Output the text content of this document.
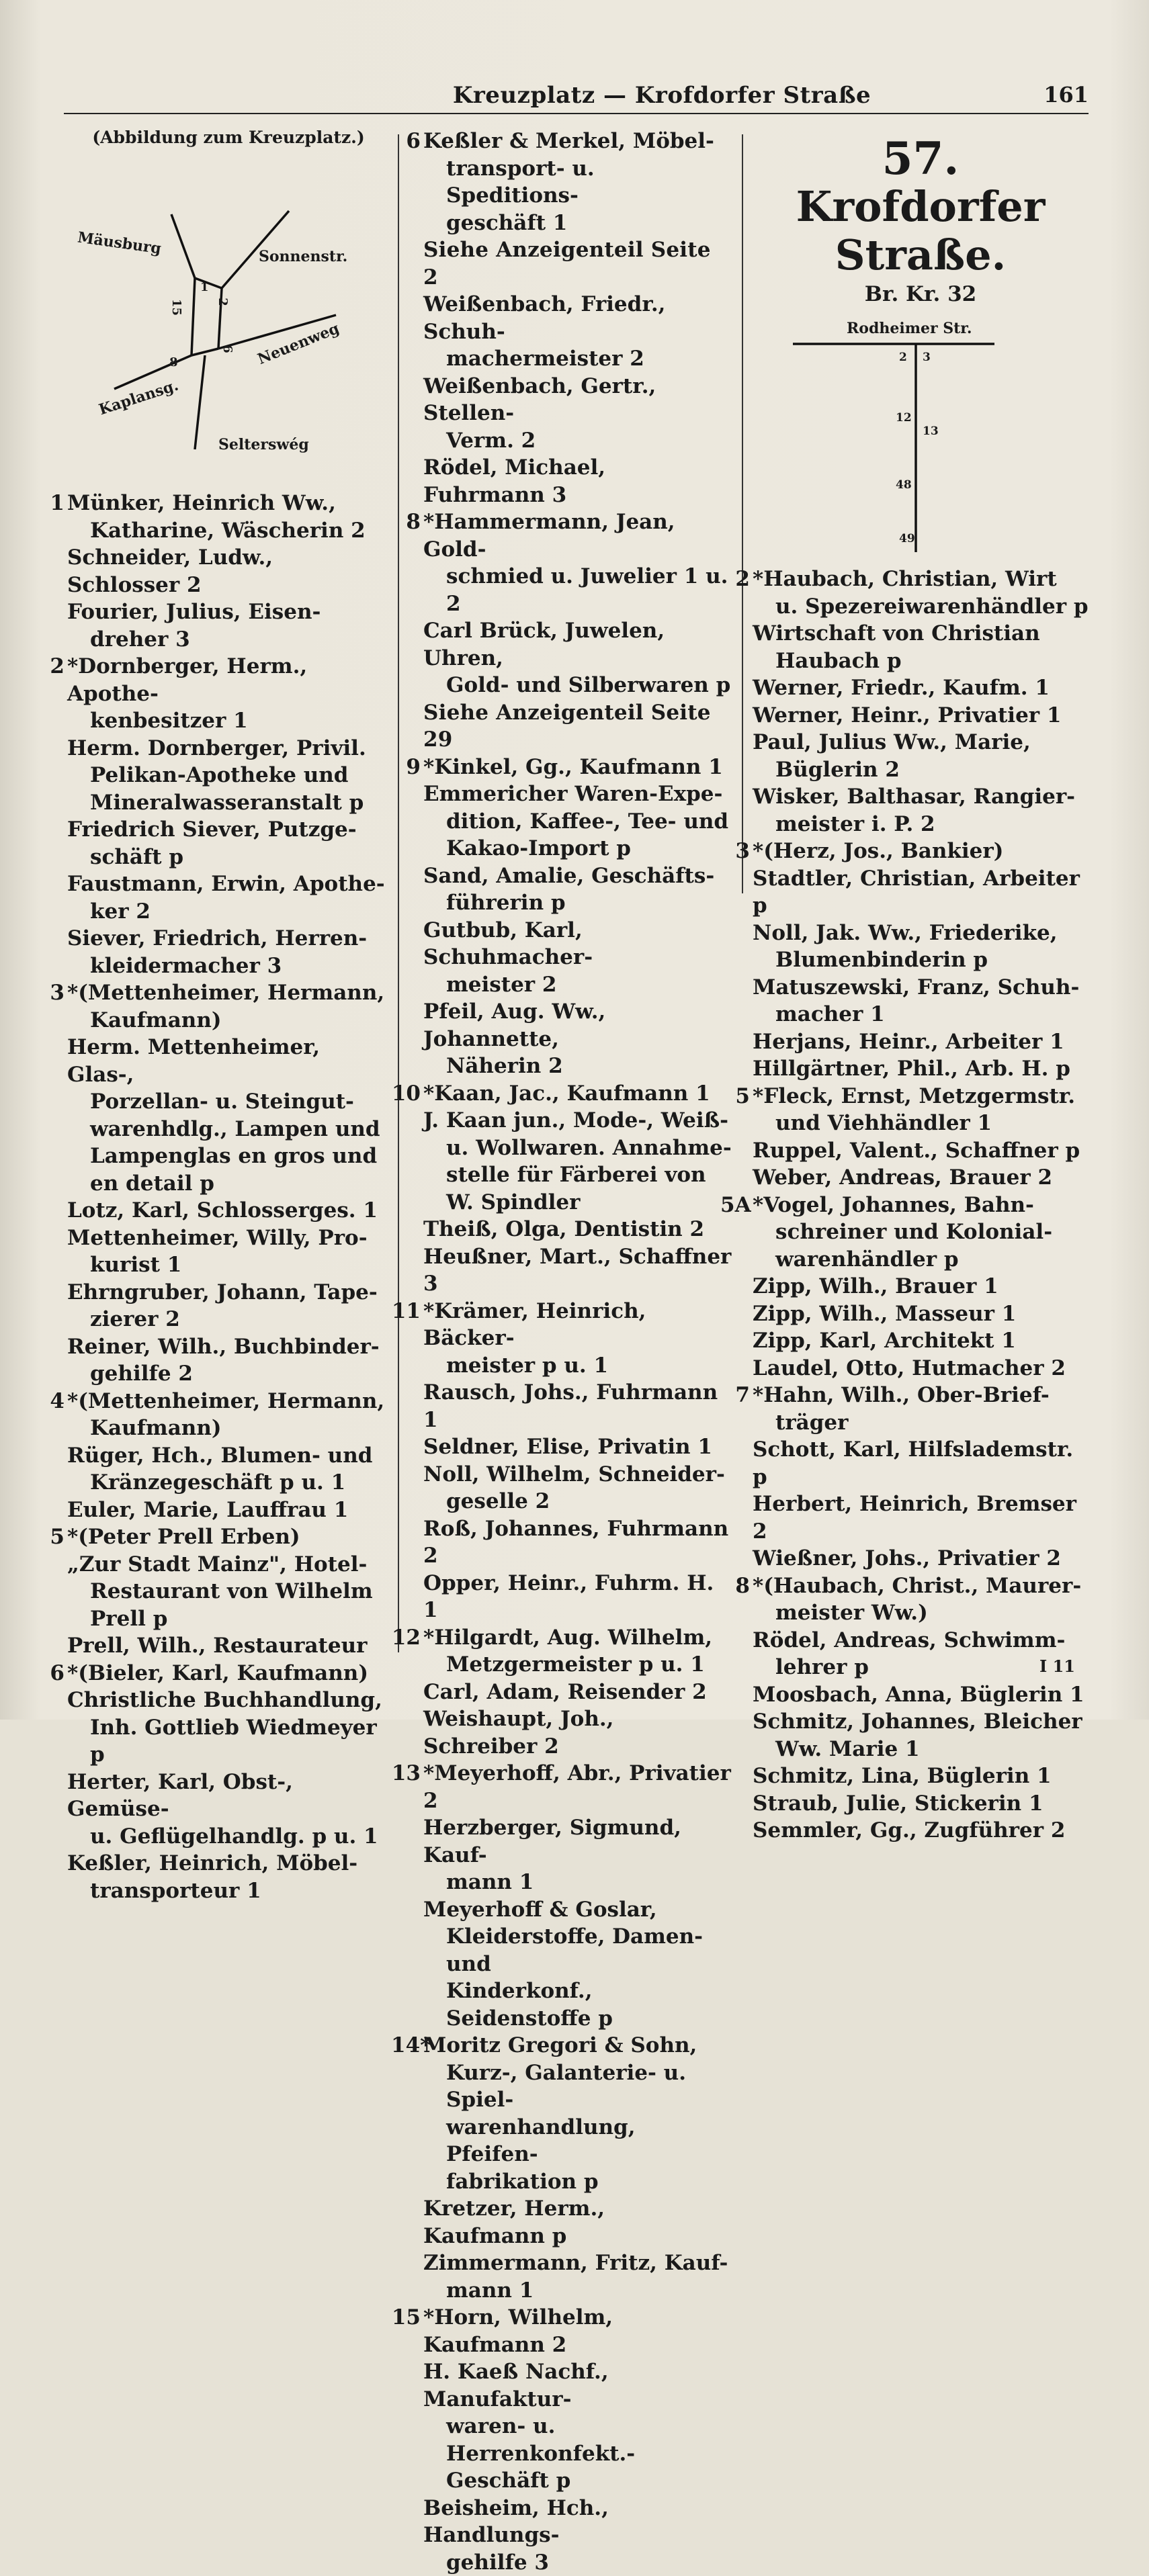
Kreuzplatz — Krofdorfer Straße	161
(Abbildung zum Kreuzplatz.)
Mäusburg	Sonnenstr.
Neuenweg
Kaplansg.
Selterswég
1
2
15
6
8
1 Münker, Heinrich Ww.,
Katharine, Wäscherin 2
Schneider, Ludw., Schlosser 2
Fourier, Julius, Eisen-
dreher 3
2 *Dornberger, Herm., Apothe-
kenbesitzer 1
Herm. Dornberger, Privil.
Pelikan-Apotheke und
Mineralwasseranstalt p
Friedrich Siever, Putzge-
schäft p
Faustmann, Erwin, Apothe-
ker 2
Siever, Friedrich, Herren-
kleidermacher 3
3 *(Mettenheimer, Hermann,
Kaufmann)
Herm. Mettenheimer, Glas-,
Porzellan- u. Steingut-
warenhdlg., Lampen und
Lampenglas en gros und
en detail p
Lotz, Karl, Schlosserges. 1
Mettenheimer, Willy, Pro-
kurist 1
Ehrngruber, Johann, Tape-
zierer 2
Reiner, Wilh., Buchbinder-
gehilfe 2
4 *(Mettenheimer, Hermann,
Kaufmann)
Rüger, Hch., Blumen- und
Kränzegeschäft p u. 1
Euler, Marie, Lauffrau 1
5 *(Peter Prell Erben)
„Zur Stadt Mainz", Hotel-
Restaurant von Wilhelm
Prell p
Prell, Wilh., Restaurateur
6 *(Bieler, Karl, Kaufmann)
Christliche Buchhandlung,
Inh. Gottlieb Wiedmeyer p
Herter, Karl, Obst-, Gemüse-
u. Geflügelhandlg. p u. 1
Keßler, Heinrich, Möbel-
transporteur 1
6 Keßler & Merkel, Möbel-
transport- u. Speditions-
geschäft 1
Siehe Anzeigenteil Seite 2
Weißenbach, Friedr., Schuh-
machermeister 2
Weißenbach, Gertr., Stellen-
Verm. 2
Rödel, Michael, Fuhrmann 3
8 *Hammermann, Jean, Gold-
schmied u. Juwelier 1 u. 2
Carl Brück, Juwelen, Uhren,
Gold- und Silberwaren p
Siehe Anzeigenteil Seite 29
9 *Kinkel, Gg., Kaufmann 1
Emmericher Waren-Expe-
dition, Kaffee-, Tee- und
Kakao-Import p
Sand, Amalie, Geschäfts-
führerin p
Gutbub, Karl, Schuhmacher-
meister 2
Pfeil, Aug. Ww., Johannette,
Näherin 2
10 *Kaan, Jac., Kaufmann 1
J. Kaan jun., Mode-, Weiß-
u. Wollwaren. Annahme-
stelle für Färberei von
W. Spindler
Theiß, Olga, Dentistin 2
Heußner, Mart., Schaffner 3
11 *Krämer, Heinrich, Bäcker-
meister p u. 1
Rausch, Johs., Fuhrmann 1
Seldner, Elise, Privatin 1
Noll, Wilhelm, Schneider-
geselle 2
Roß, Johannes, Fuhrmann 2
Opper, Heinr., Fuhrm. H. 1
12 *Hilgardt, Aug. Wilhelm,
Metzgermeister p u. 1
Carl, Adam, Reisender 2
Weishaupt, Joh., Schreiber 2
13 *Meyerhoff, Abr., Privatier 2
Herzberger, Sigmund, Kauf-
mann 1
Meyerhoff & Goslar,
Kleiderstoffe, Damen- und
Kinderkonf., Seidenstoffe p
14*
Moritz Gregori & Sohn,
Kurz-, Galanterie- u. Spiel-
warenhandlung, Pfeifen-
fabrikation p
Kretzer, Herm., Kaufmann p
Zimmermann, Fritz, Kauf-
mann 1
15 *Horn, Wilhelm, Kaufmann 2
H. Kaeß Nachf., Manufaktur-
waren- u. Herrenkonfekt.-
Geschäft p
Beisheim, Hch., Handlungs-
gehilfe 3
57.
Krofdorfer Straße.
Br. Kr. 32
Rodheimer Str.
2 3
12
13
48
49
2 *Haubach, Christian, Wirt
u. Spezereiwarenhändler p
Wirtschaft von Christian
Haubach p
Werner, Friedr., Kaufm. 1
Werner, Heinr., Privatier 1
Paul, Julius Ww., Marie,
Büglerin 2
Wisker, Balthasar, Rangier-
meister i. P. 2
3 *(Herz, Jos., Bankier)
Stadtler, Christian, Arbeiter p
Noll, Jak. Ww., Friederike,
Blumenbinderin p
Matuszewski, Franz, Schuh-
macher 1
Herjans, Heinr., Arbeiter 1
Hillgärtner, Phil., Arb. H. p
5 *Fleck, Ernst, Metzgermstr.
und Viehhändler 1
Ruppel, Valent., Schaffner p
Weber, Andreas, Brauer 2
5A *Vogel, Johannes, Bahn-
schreiner und Kolonial-
warenhändler p
Zipp, Wilh., Brauer 1
Zipp, Wilh., Masseur 1
Zipp, Karl, Architekt 1
Laudel, Otto, Hutmacher 2
7 *Hahn, Wilh., Ober-Brief-
träger
Schott, Karl, Hilfslademstr. p
Herbert, Heinrich, Bremser 2
Wießner, Johs., Privatier 2
8 *(Haubach, Christ., Maurer-
meister Ww.)
Rödel, Andreas, Schwimm-
lehrer p
Moosbach, Anna, Büglerin 1
Schmitz, Johannes, Bleicher
Ww. Marie 1
Schmitz, Lina, Büglerin 1
Straub, Julie, Stickerin 1
Semmler, Gg., Zugführer 2
I 11
